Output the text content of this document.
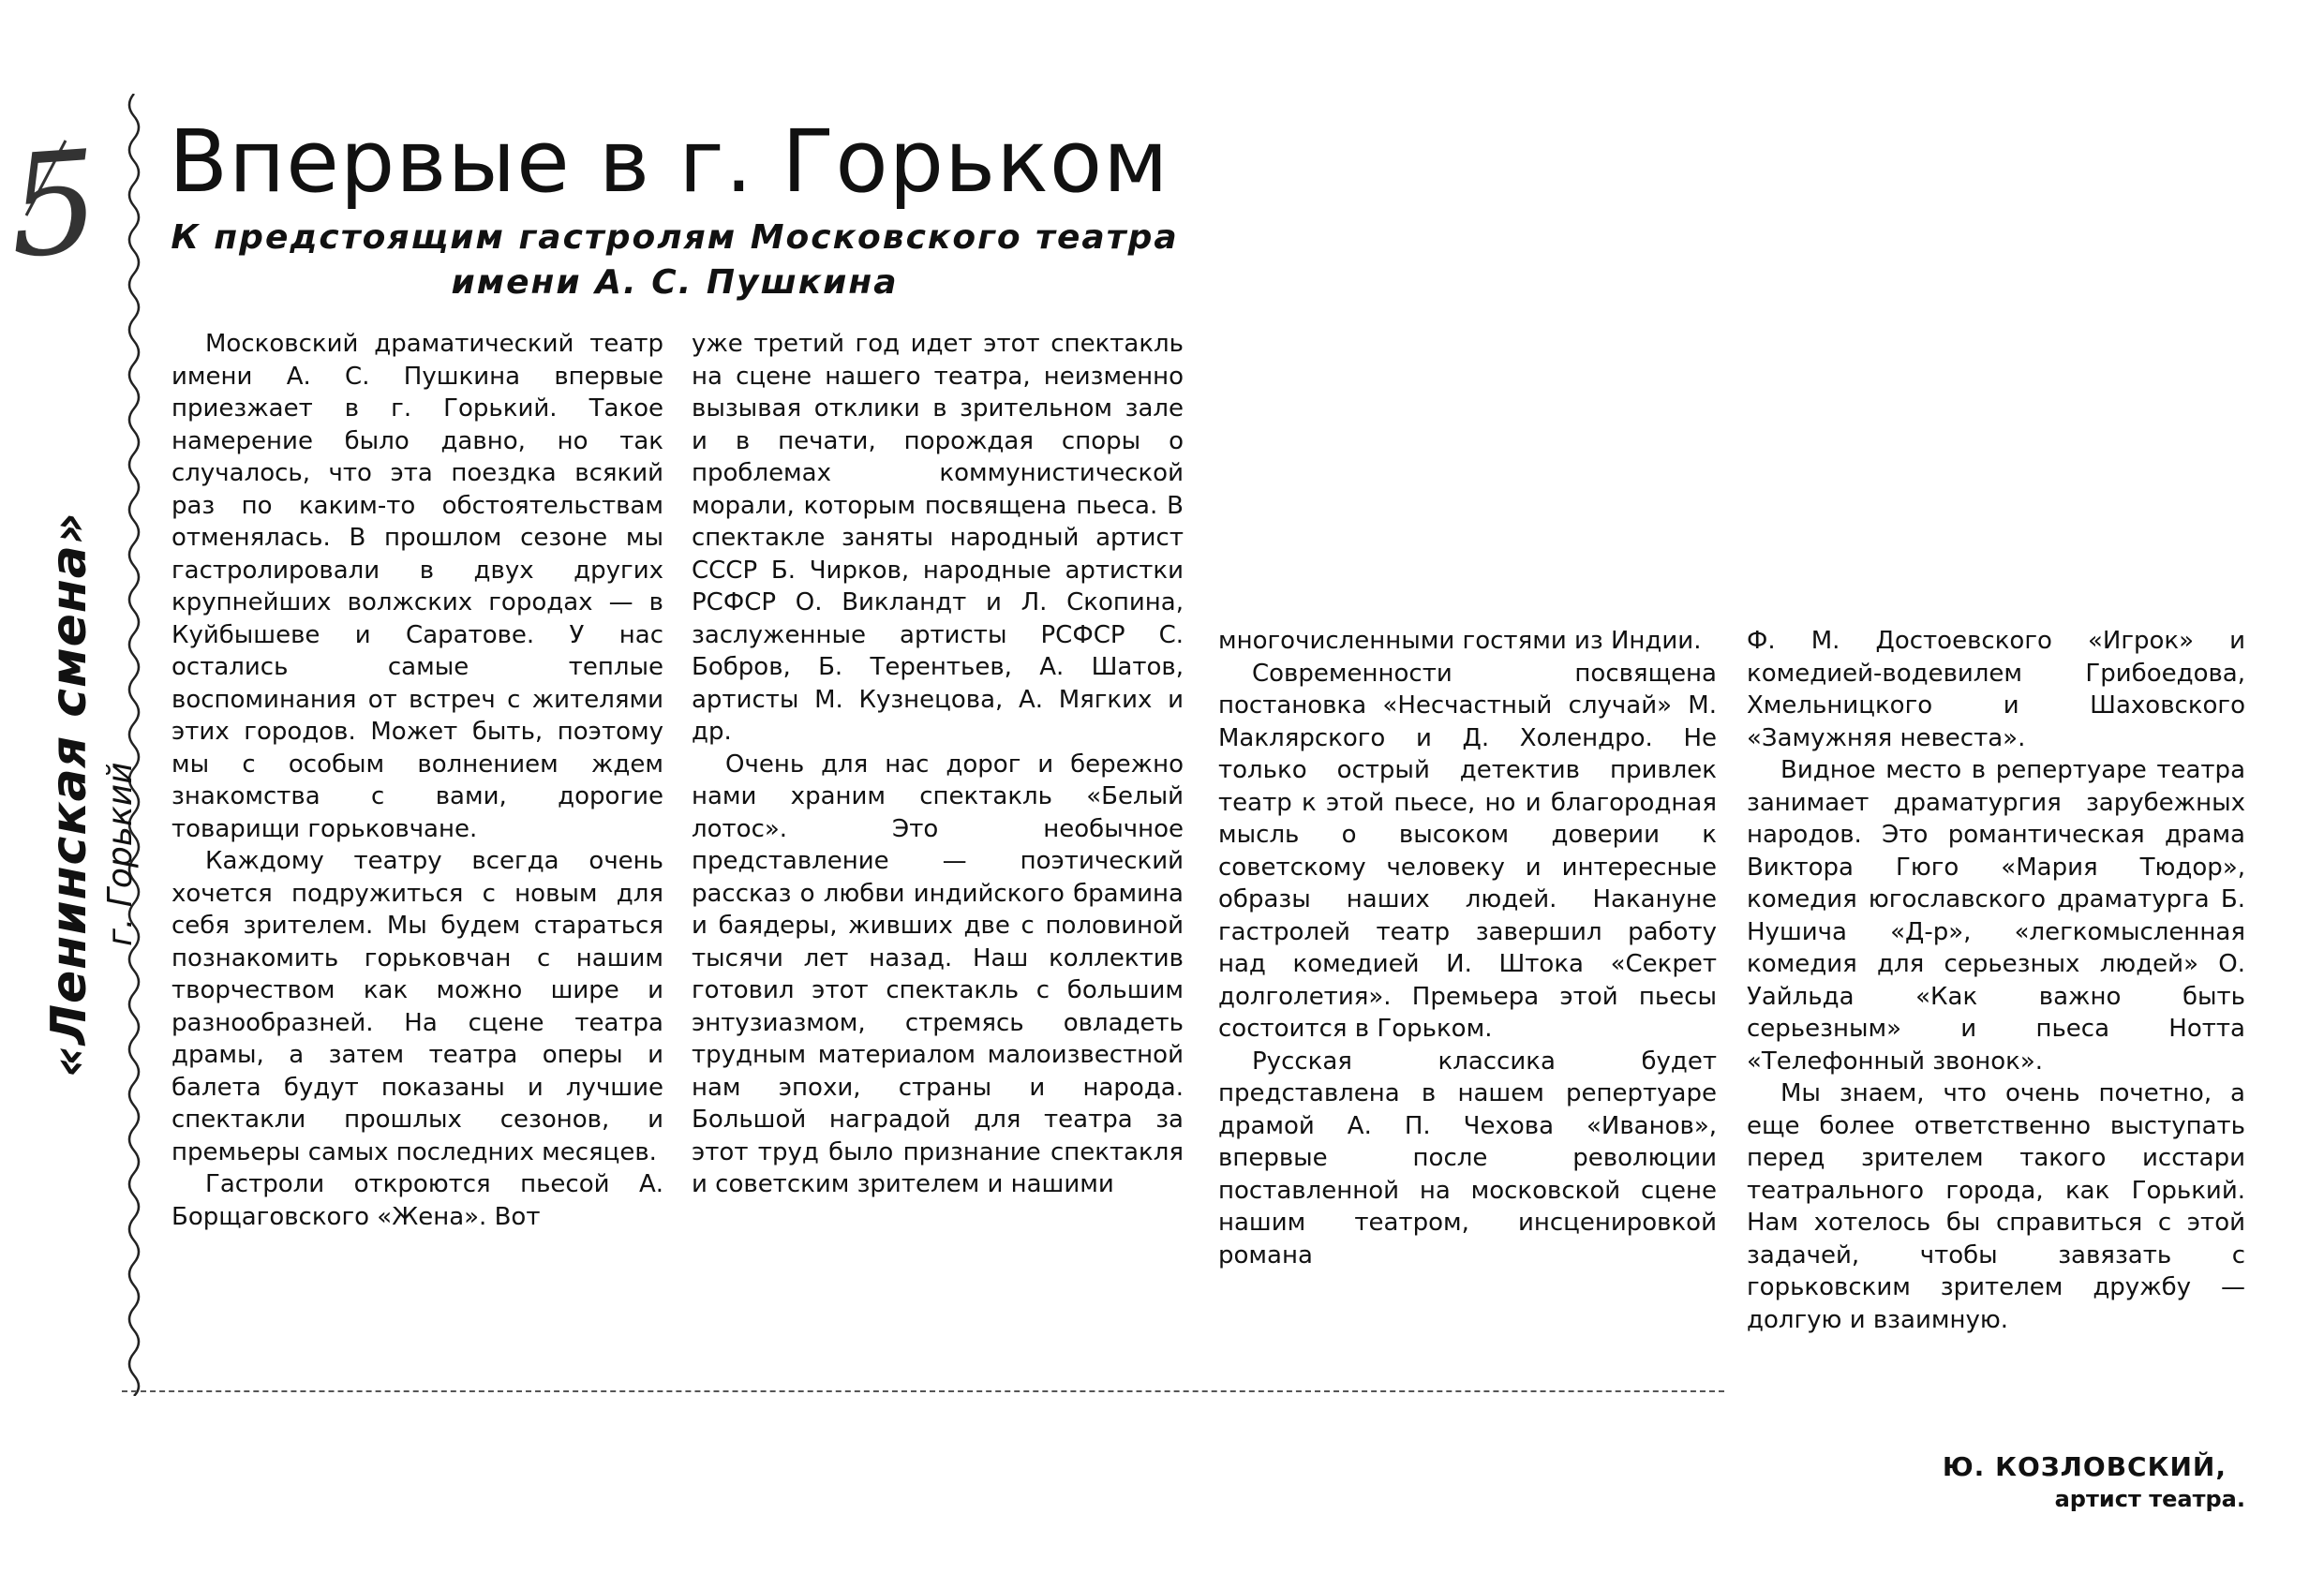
5
«Ленинская смена» г. Горький
Впервые в г. Горьком
К предстоящим гастролям Московского театра имени А. С. Пушкина

Московский драматический театр имени А. С. Пушкина впервые приезжает в г. Горький. Такое намерение было давно, но так случалось, что эта поездка всякий раз по каким-то обстоятельствам отменялась. В прошлом сезоне мы гастролировали в двух других крупнейших волжских городах — в Куйбышеве и Саратове. У нас остались самые теплые воспоминания от встреч с жителями этих городов. Может быть, поэтому мы с особым волнением ждем знакомства с вами, дорогие товарищи горьковчане.

Каждому театру всегда очень хочется подружиться с новым для себя зрителем. Мы будем стараться познакомить горьковчан с нашим творчеством как можно шире и разнообразней. На сцене театра драмы, а затем театра оперы и балета будут показаны и лучшие спектакли прошлых сезонов, и премьеры самых последних месяцев.

Гастроли откроются пьесой А. Борщаговского «Жена». Вот

уже третий год идет этот спектакль на сцене нашего театра, неизменно вызывая отклики в зрительном зале и в печати, порождая споры о проблемах коммунистической морали, которым посвящена пьеса. В спектакле заняты народный артист СССР Б. Чирков, народные артистки РСФСР О. Викландт и Л. Скопина, заслуженные артисты РСФСР С. Бобров, Б. Терентьев, А. Шатов, артисты М. Кузнецова, А. Мягких и др.

Очень для нас дорог и бережно нами храним спектакль «Белый лотос». Это необычное представление — поэтический рассказ о любви индийского брамина и баядеры, живших две с половиной тысячи лет назад. Наш коллектив готовил этот спектакль с большим энтузиазмом, стремясь овладеть трудным материалом малоизвестной нам эпохи, страны и народа. Большой наградой для театра за этот труд было признание спектакля и советским зрителем и нашими

многочисленными гостями из Индии.

Современности посвящена постановка «Несчастный случай» М. Маклярского и Д. Холендро. Не только острый детектив привлек театр к этой пьесе, но и благородная мысль о высоком доверии к советскому человеку и интересные образы наших людей. Накануне гастролей театр завершил работу над комедией И. Штока «Секрет долголетия». Премьера этой пьесы состоится в Горьком.

Русская классика будет представлена в нашем репертуаре драмой А. П. Чехова «Иванов», впервые после революции поставленной на московской сцене нашим театром, инсценировкой романа

Ф. М. Достоевского «Игрок» и комедией-водевилем Грибоедова, Хмельницкого и Шаховского «Замужняя невеста».

Видное место в репертуаре театра занимает драматургия зарубежных народов. Это романтическая драма Виктора Гюго «Мария Тюдор», комедия югославского драматурга Б. Нушича «Д-р», «легкомысленная комедия для серьезных людей» О. Уайльда «Как важно быть серьезным» и пьеса Нотта «Телефонный звонок».

Мы знаем, что очень почетно, а еще более ответственно выступать перед зрителем такого исстари театрального города, как Горький. Нам хотелось бы справиться с этой задачей, чтобы завязать с горьковским зрителем дружбу — долгую и взаимную.

Ю. КОЗЛОВСКИЙ,
артист театра.
